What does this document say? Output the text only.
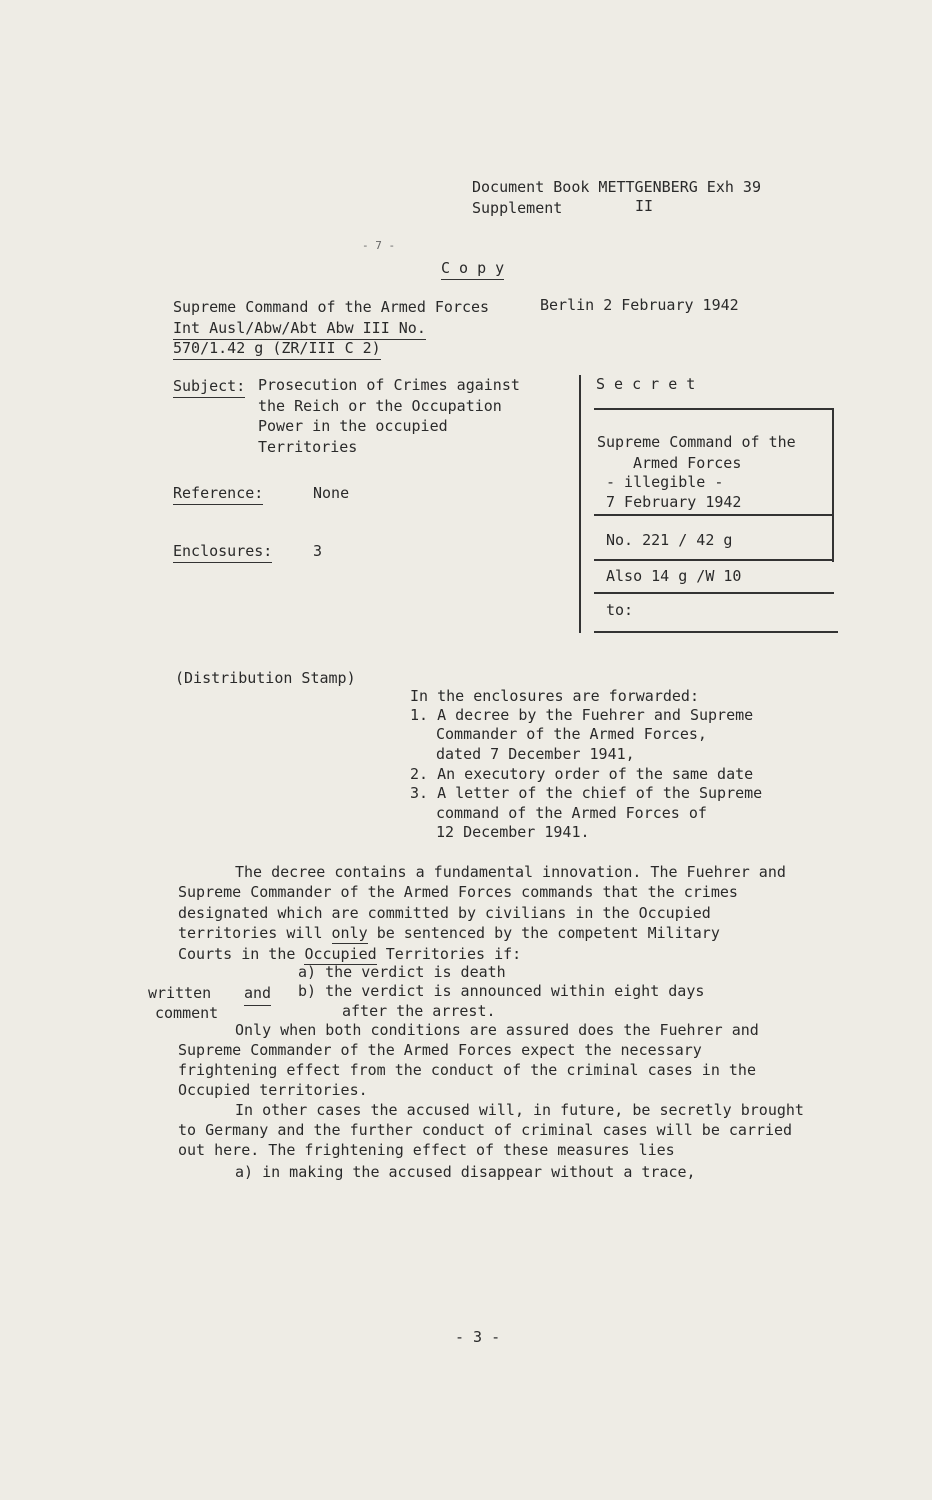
Document Book METTGENBERG Exh 39
Supplement	II
- 7 -
C o p y
Supreme Command of the Armed Forces	Berlin 2 February 1942
Int Ausl/Abw/Abt Abw III No.
570/1.42 g (ZR/III C 2)
Subject: Prosecution of Crimes against
the Reich or the Occupation
Power in the occupied
Territories
Reference:	None
Enclosures:	3
S e c r e t
Supreme Command of the
Armed Forces
- illegible -
7 February 1942
No. 221 / 42 g
Also 14 g /W 10
to:
(Distribution Stamp)
In the enclosures are forwarded:
1. A decree by the Fuehrer and Supreme
Commander of the Armed Forces,
dated 7 December 1941,
2. An executory order of the same date
3. A letter of the chief of the Supreme
command of the Armed Forces of
12 December 1941.
The decree contains a fundamental innovation. The Fuehrer and
Supreme Commander of the Armed Forces commands that the crimes
designated which are committed by civilians in the Occupied
territories will only be sentenced by the competent Military
Courts in the Occupied Territories if:
a) the verdict is death
written and b) the verdict is announced within eight days
comment	after the arrest.
Only when both conditions are assured does the Fuehrer and
Supreme Commander of the Armed Forces expect the necessary
frightening effect from the conduct of the criminal cases in the
Occupied territories.
In other cases the accused will, in future, be secretly brought
to Germany and the further conduct of criminal cases will be carried
out here. The frightening effect of these measures lies
a) in making the accused disappear without a trace,
- 3 -
